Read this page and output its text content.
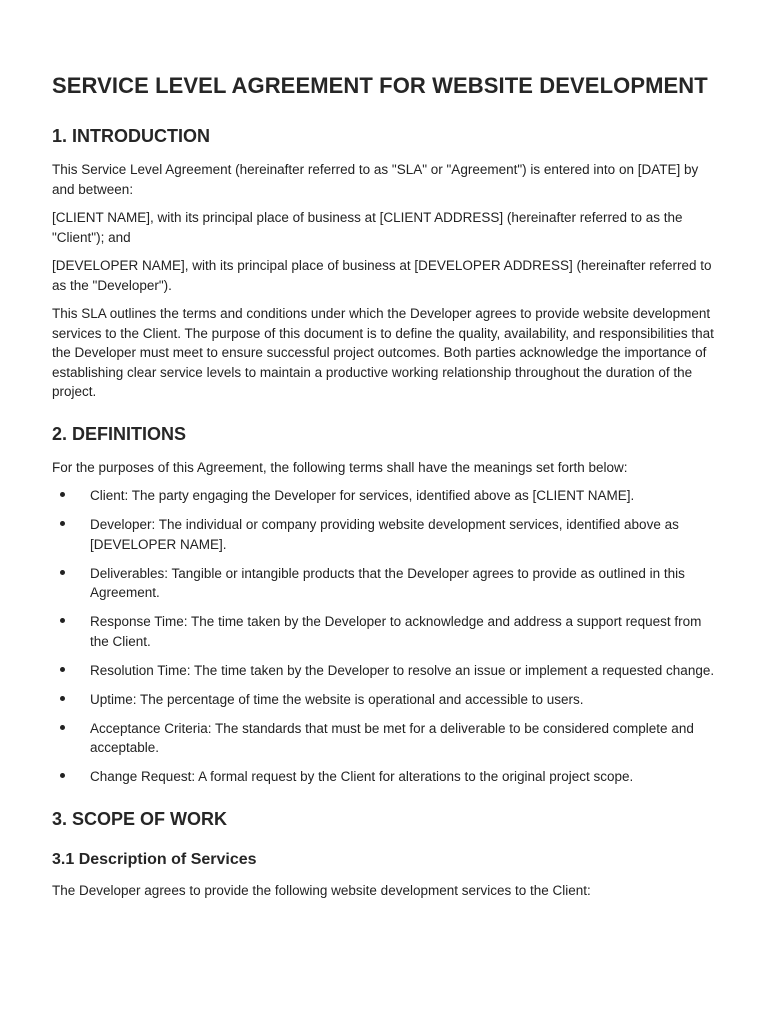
SERVICE LEVEL AGREEMENT FOR WEBSITE DEVELOPMENT
1. INTRODUCTION

This Service Level Agreement (hereinafter referred to as "SLA" or "Agreement") is entered into on [DATE] by and between:

[CLIENT NAME], with its principal place of business at [CLIENT ADDRESS] (hereinafter referred to as the "Client"); and

[DEVELOPER NAME], with its principal place of business at [DEVELOPER ADDRESS] (hereinafter referred to as the "Developer").

This SLA outlines the terms and conditions under which the Developer agrees to provide website development services to the Client. The purpose of this document is to define the quality, availability, and responsibilities that the Developer must meet to ensure successful project outcomes. Both parties acknowledge the importance of establishing clear service levels to maintain a productive working relationship throughout the duration of the project.

2. DEFINITIONS

For the purposes of this Agreement, the following terms shall have the meanings set forth below:

Client: The party engaging the Developer for services, identified above as [CLIENT NAME].
Developer: The individual or company providing website development services, identified above as [DEVELOPER NAME].
Deliverables: Tangible or intangible products that the Developer agrees to provide as outlined in this Agreement.
Response Time: The time taken by the Developer to acknowledge and address a support request from the Client.
Resolution Time: The time taken by the Developer to resolve an issue or implement a requested change.
Uptime: The percentage of time the website is operational and accessible to users.
Acceptance Criteria: The standards that must be met for a deliverable to be considered complete and acceptable.
Change Request: A formal request by the Client for alterations to the original project scope.
3. SCOPE OF WORK
3.1 Description of Services

The Developer agrees to provide the following website development services to the Client:
